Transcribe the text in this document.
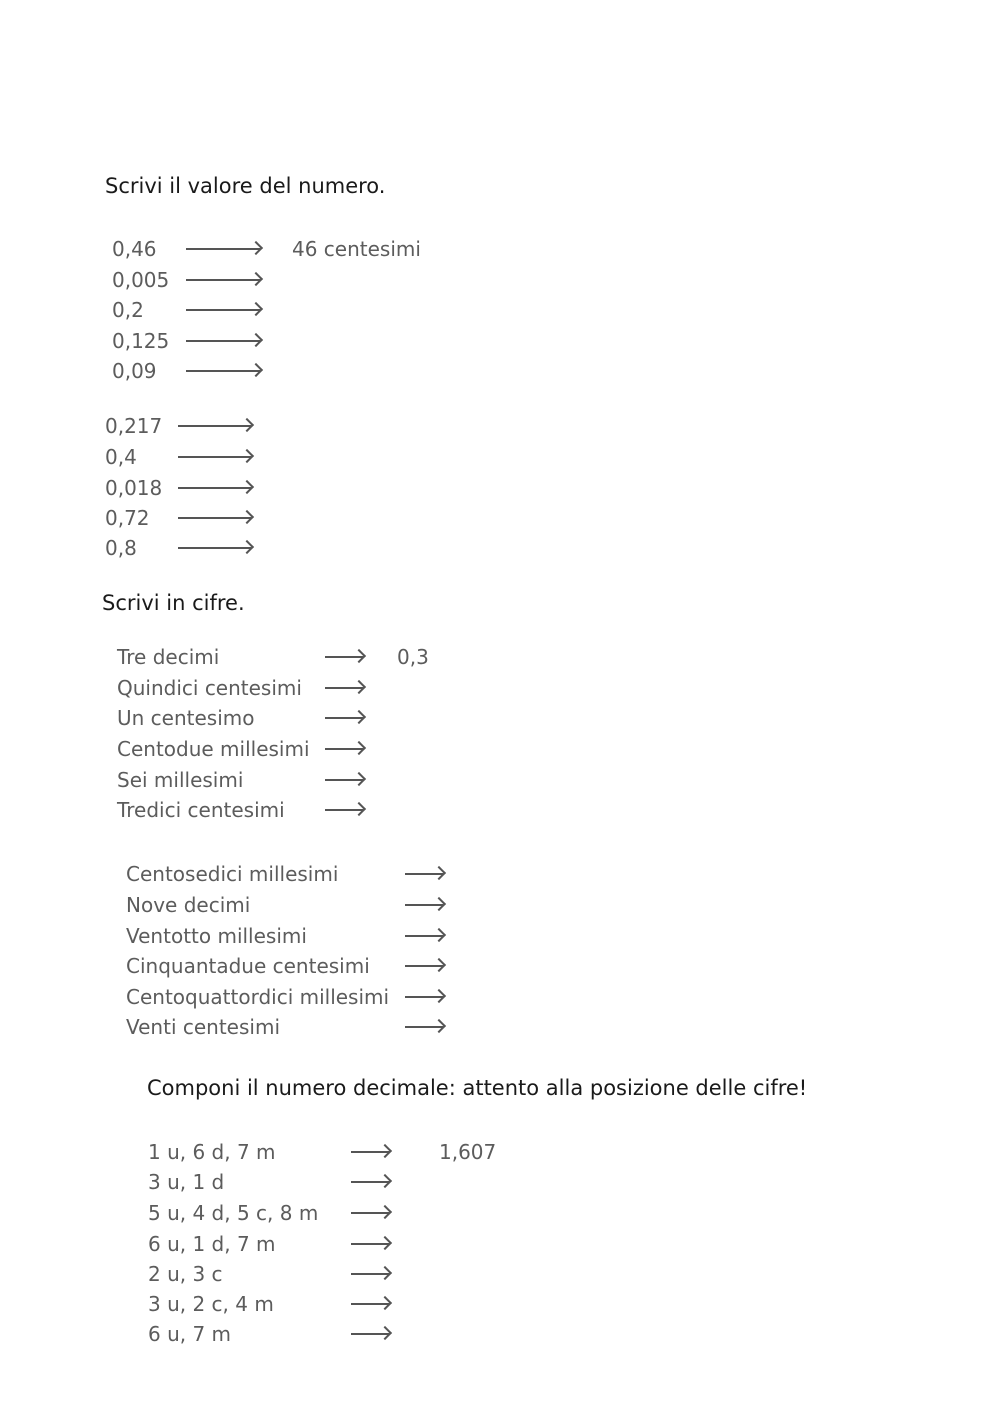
Scrivi il valore del numero.
0,46	46 centesimi
0,005
0,2
0,125
0,09
0,217
0,4
0,018
0,72
0,8
Scrivi in cifre.
Tre decimi	0,3
Quindici centesimi
Un centesimo
Centodue millesimi
Sei millesimi
Tredici centesimi
Centosedici millesimi
Nove decimi
Ventotto millesimi
Cinquantadue centesimi
Centoquattordici millesimi
Venti centesimi
Componi il numero decimale: attento alla posizione delle cifre!
1 u, 6 d, 7 m	1,607
3 u, 1 d
5 u, 4 d, 5 c, 8 m
6 u, 1 d, 7 m
2 u, 3 c
3 u, 2 c, 4 m
6 u, 7 m
